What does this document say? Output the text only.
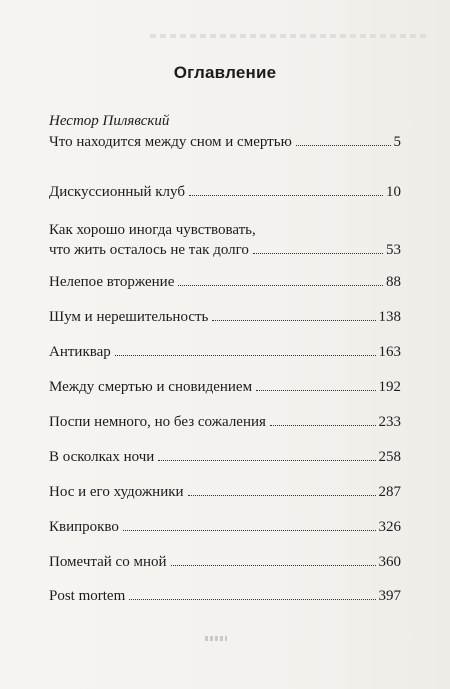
Оглавление
Нестор Пилявский
Что находится между сном и смертью	5
Дискуссионный клуб	10
Как хорошо иногда чувствовать,
что жить осталось не так долго	53
Нелепое вторжение	88
Шум и нерешительность	138
Антиквар	163
Между смертью и сновидением	192
Поспи немного, но без сожаления	233
В осколках ночи	258
Нос и его художники	287
Квипрокво	326
Помечтай со мной	360
Post mortem	397
